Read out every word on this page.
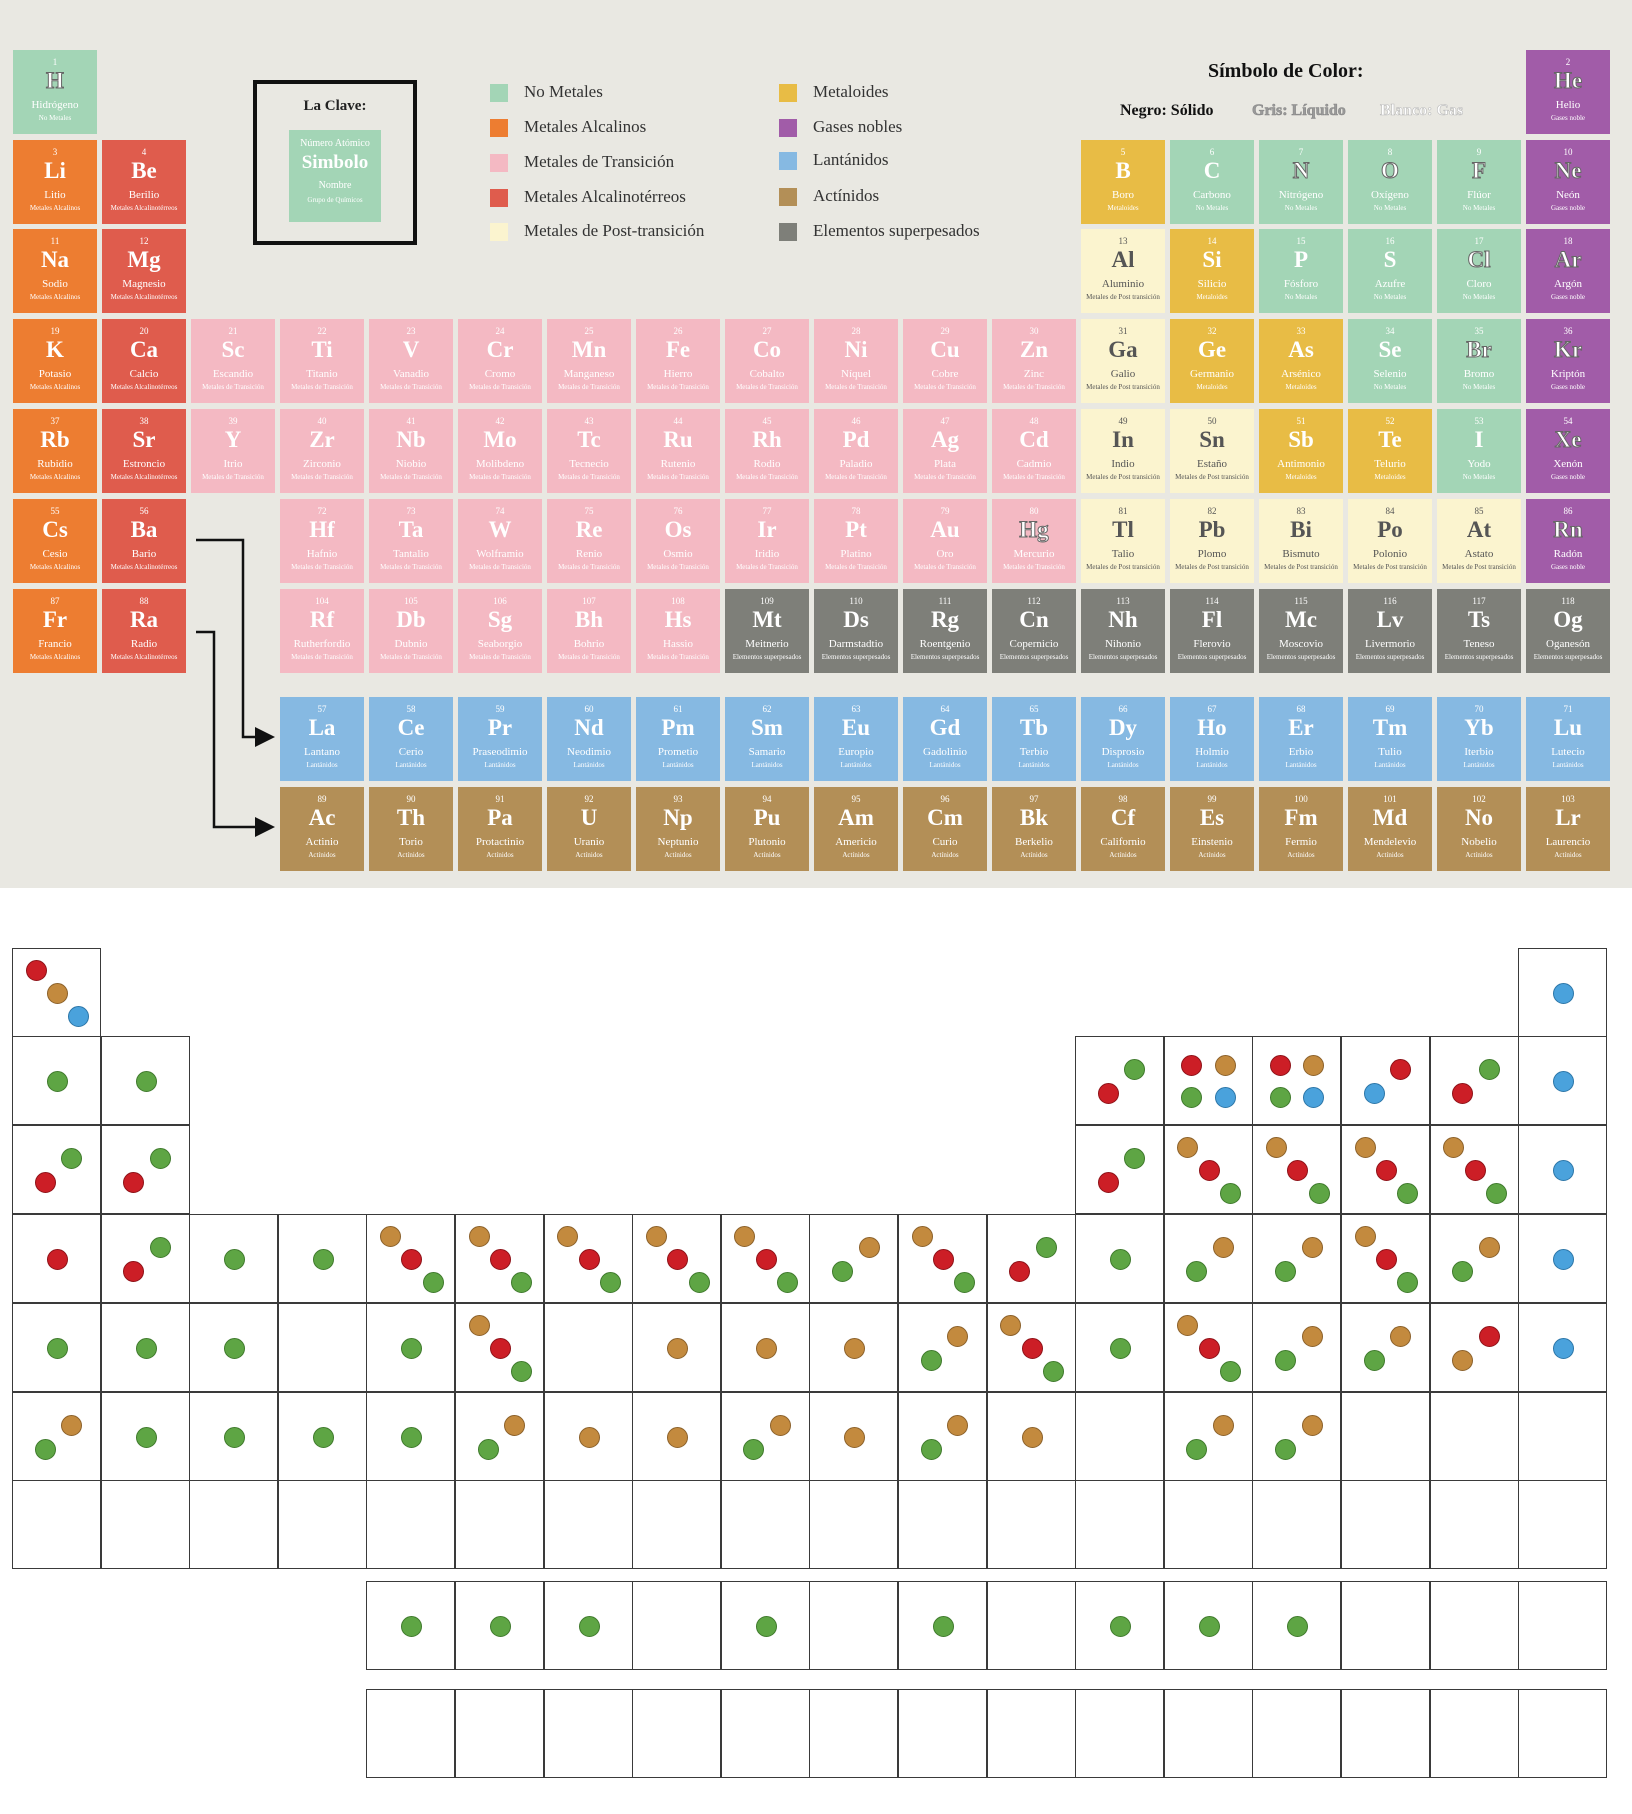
1
H
Hidrógeno
No Metales
2
He
Helio
Gases noble
3
Li
Litio
Metales Alcalinos
4
Be
Berilio
Metales Alcalinotérreos
5
B
Boro
Metaloides
6
C
Carbono
No Metales
7
N
Nitrógeno
No Metales
8
O
Oxígeno
No Metales
9
F
Flúor
No Metales
10
Ne
Neón
Gases noble
11
Na
Sodio
Metales Alcalinos
12
Mg
Magnesio
Metales Alcalinotérreos
13
Al
Aluminio
Metales de Post transición
14
Si
Silicio
Metaloides
15
P
Fósforo
No Metales
16
S
Azufre
No Metales
17
Cl
Cloro
No Metales
18
Ar
Argón
Gases noble
19
K
Potasio
Metales Alcalinos
20
Ca
Calcio
Metales Alcalinotérreos
21
Sc
Escandio
Metales de Transición
22
Ti
Titanio
Metales de Transición
23
V
Vanadio
Metales de Transición
24
Cr
Cromo
Metales de Transición
25
Mn
Manganeso
Metales de Transición
26
Fe
Hierro
Metales de Transición
27
Co
Cobalto
Metales de Transición
28
Ni
Níquel
Metales de Transición
29
Cu
Cobre
Metales de Transición
30
Zn
Zinc
Metales de Transición
31
Ga
Galio
Metales de Post transición
32
Ge
Germanio
Metaloides
33
As
Arsénico
Metaloides
34
Se
Selenio
No Metales
35
Br
Bromo
No Metales
36
Kr
Kriptón
Gases noble
37
Rb
Rubidio
Metales Alcalinos
38
Sr
Estroncio
Metales Alcalinotérreos
39
Y
Itrio
Metales de Transición
40
Zr
Zirconio
Metales de Transición
41
Nb
Niobio
Metales de Transición
42
Mo
Molibdeno
Metales de Transición
43
Tc
Tecnecio
Metales de Transición
44
Ru
Rutenio
Metales de Transición
45
Rh
Rodio
Metales de Transición
46
Pd
Paladio
Metales de Transición
47
Ag
Plata
Metales de Transición
48
Cd
Cadmio
Metales de Transición
49
In
Indio
Metales de Post transición
50
Sn
Estaño
Metales de Post transición
51
Sb
Antimonio
Metaloides
52
Te
Telurio
Metaloides
53
I
Yodo
No Metales
54
Xe
Xenón
Gases noble
55
Cs
Cesio
Metales Alcalinos
56
Ba
Bario
Metales Alcalinotérreos
72
Hf
Hafnio
Metales de Transición
73
Ta
Tantalio
Metales de Transición
74
W
Wolframio
Metales de Transición
75
Re
Renio
Metales de Transición
76
Os
Osmio
Metales de Transición
77
Ir
Iridio
Metales de Transición
78
Pt
Platino
Metales de Transición
79
Au
Oro
Metales de Transición
80
Hg
Mercurio
Metales de Transición
81
Tl
Talio
Metales de Post transición
82
Pb
Plomo
Metales de Post transición
83
Bi
Bismuto
Metales de Post transición
84
Po
Polonio
Metales de Post transición
85
At
Astato
Metales de Post transición
86
Rn
Radón
Gases noble
87
Fr
Francio
Metales Alcalinos
88
Ra
Radio
Metales Alcalinotérreos
104
Rf
Rutherfordio
Metales de Transición
105
Db
Dubnio
Metales de Transición
106
Sg
Seaborgio
Metales de Transición
107
Bh
Bohrio
Metales de Transición
108
Hs
Hassio
Metales de Transición
109
Mt
Meitnerio
Elementos superpesados
110
Ds
Darmstadtio
Elementos superpesados
111
Rg
Roentgenio
Elementos superpesados
112
Cn
Copernicio
Elementos superpesados
113
Nh
Nihonio
Elementos superpesados
114
Fl
Flerovio
Elementos superpesados
115
Mc
Moscovio
Elementos superpesados
116
Lv
Livermorio
Elementos superpesados
117
Ts
Teneso
Elementos superpesados
118
Og
Oganesón
Elementos superpesados
57
La
Lantano
Lantánidos
58
Ce
Cerio
Lantánidos
59
Pr
Praseodimio
Lantánidos
60
Nd
Neodimio
Lantánidos
61
Pm
Prometio
Lantánidos
62
Sm
Samario
Lantánidos
63
Eu
Europio
Lantánidos
64
Gd
Gadolinio
Lantánidos
65
Tb
Terbio
Lantánidos
66
Dy
Disprosio
Lantánidos
67
Ho
Holmio
Lantánidos
68
Er
Erbio
Lantánidos
69
Tm
Tulio
Lantánidos
70
Yb
Iterbio
Lantánidos
71
Lu
Lutecio
Lantánidos
89
Ac
Actinio
Actínidos
90
Th
Torio
Actínidos
91
Pa
Protactinio
Actínidos
92
U
Uranio
Actínidos
93
Np
Neptunio
Actínidos
94
Pu
Plutonio
Actínidos
95
Am
Americio
Actínidos
96
Cm
Curio
Actínidos
97
Bk
Berkelio
Actínidos
98
Cf
Californio
Actínidos
99
Es
Einstenio
Actínidos
100
Fm
Fermio
Actínidos
101
Md
Mendelevio
Actínidos
102
No
Nobelio
Actínidos
103
Lr
Laurencio
Actínidos
La Clave:
Número Atómico
Simbolo
Nombre
Grupo de Químicos
No Metales
Metales Alcalinos
Metales de Transición
Metales Alcalinotérreos
Metales de Post-transición
Metaloides
Gases nobles
Lantánidos
Actínidos
Elementos superpesados
Símbolo de Color:
Negro: Sólido Gris: Líquido Blanco: Gas
